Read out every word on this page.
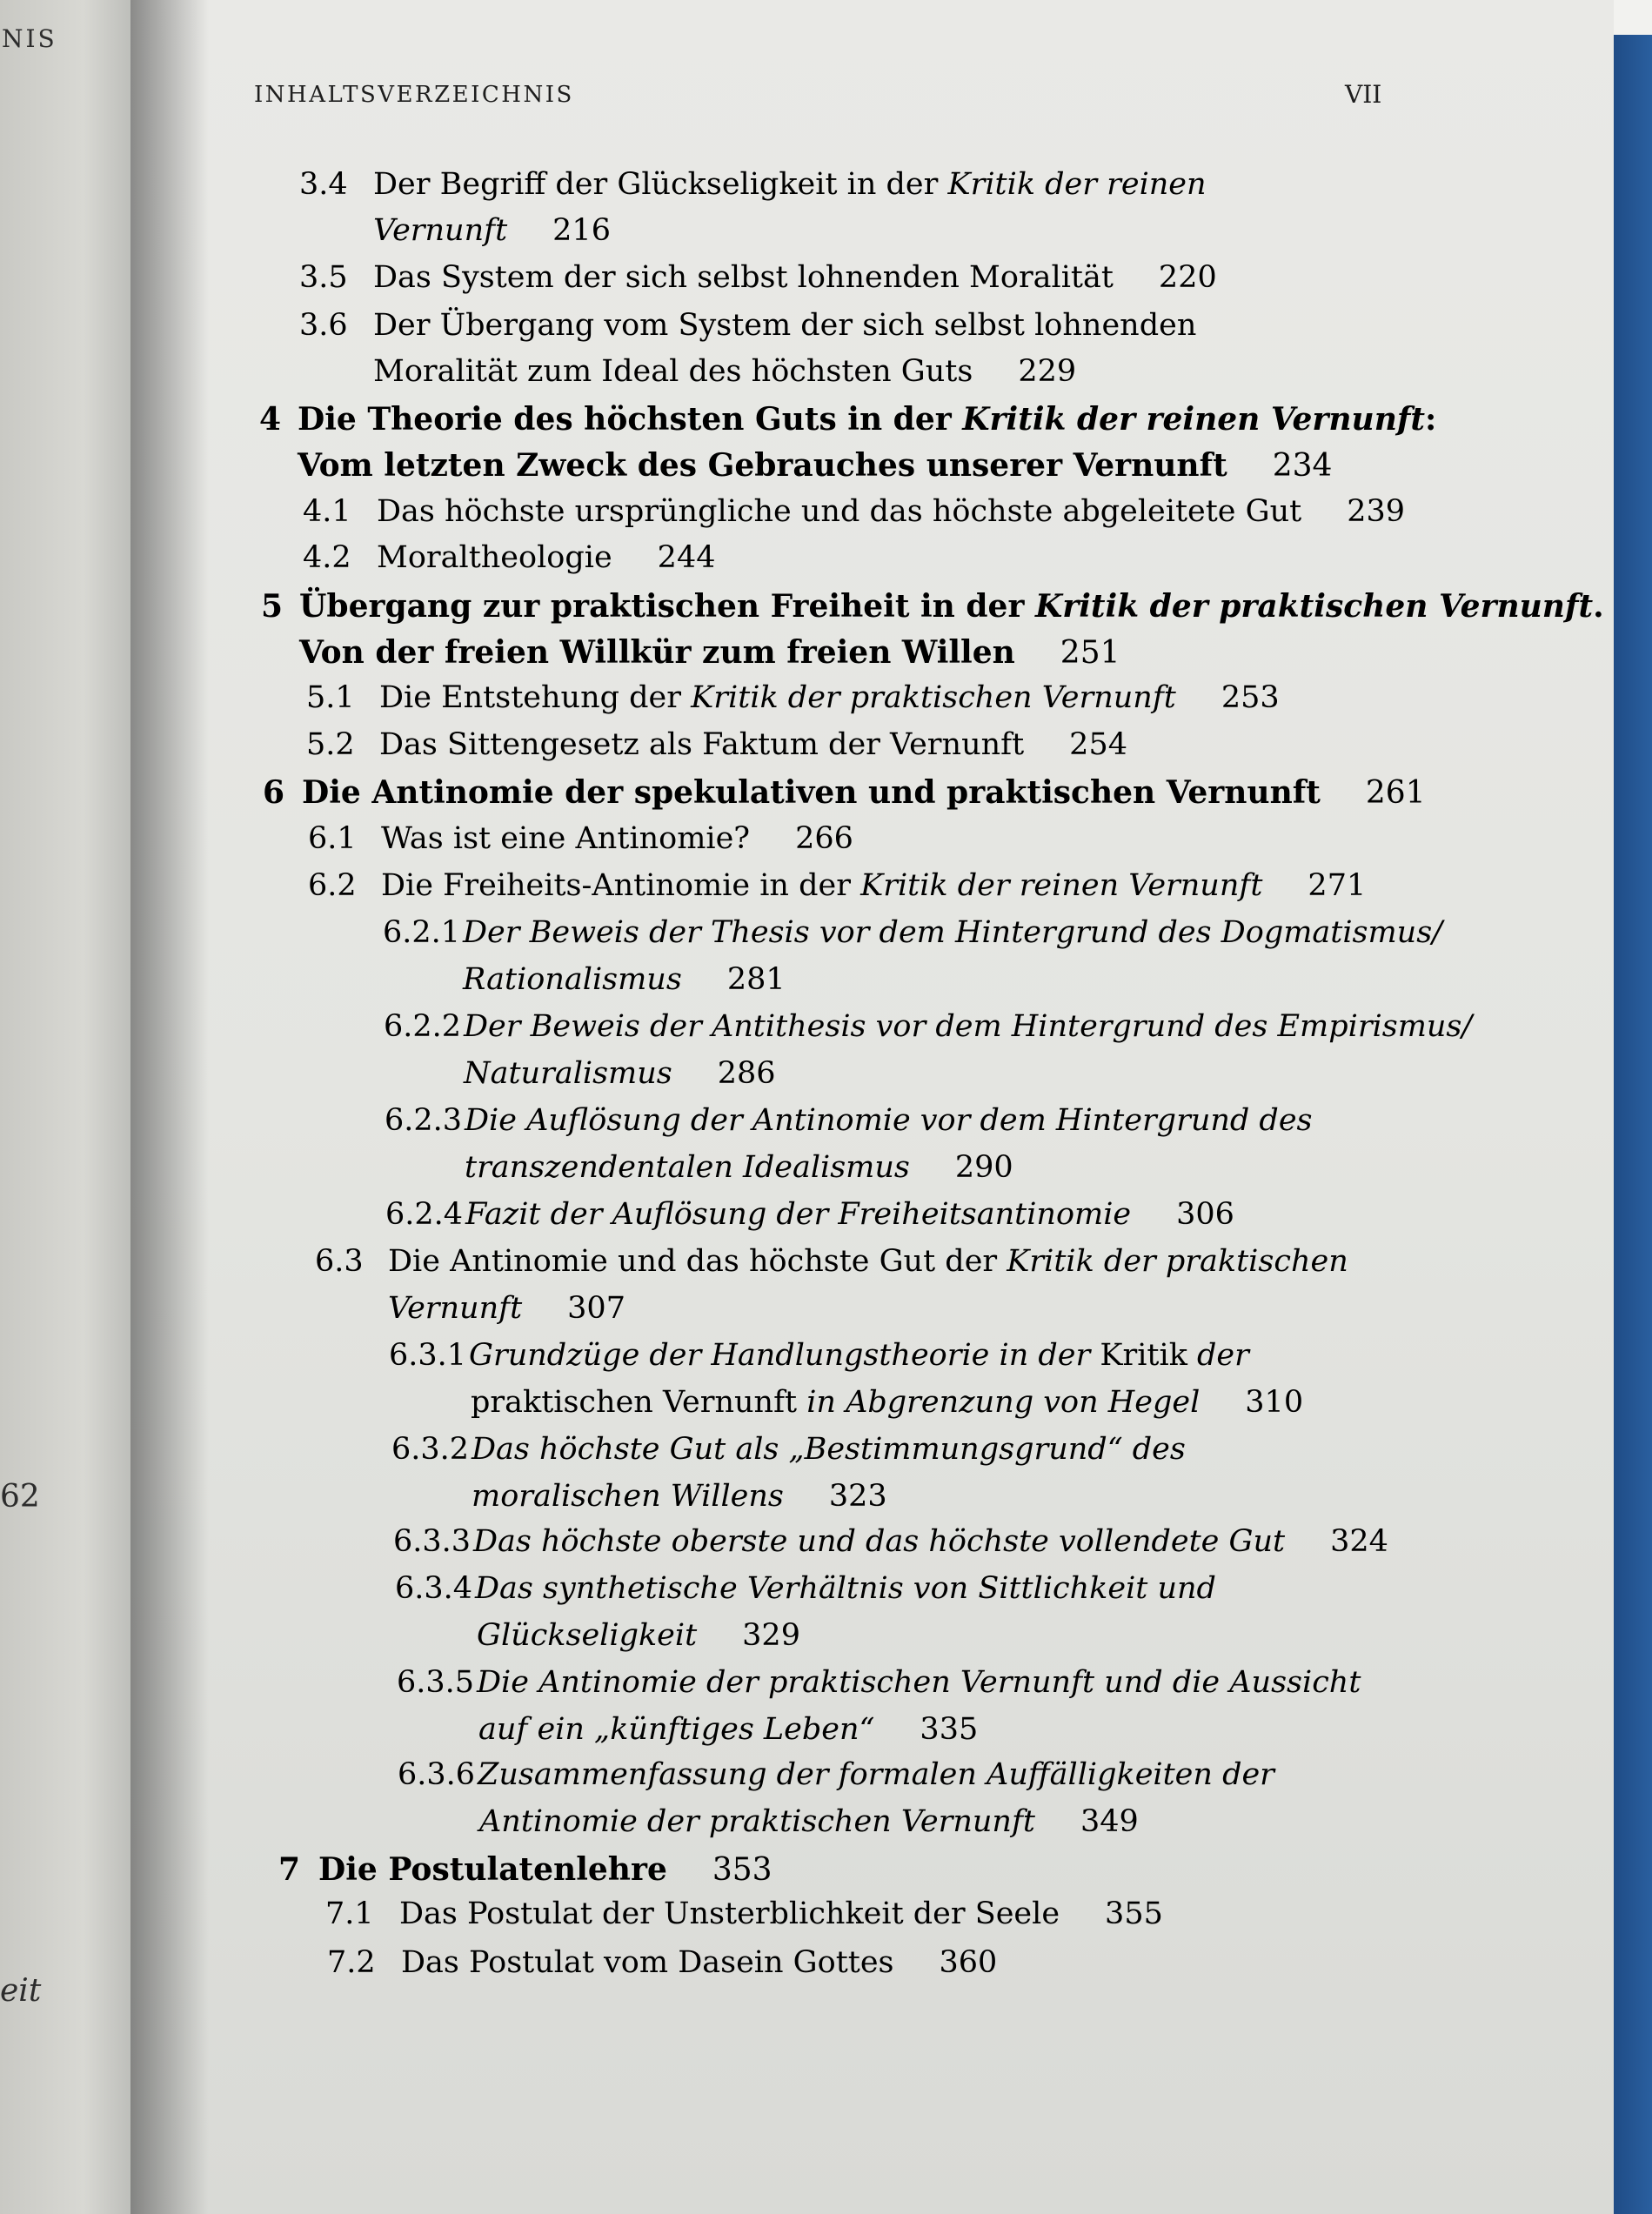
NIS
62
eit
INHALTSVERZEICHNIS	VII
3.4 Der Begriff der Glückseligkeit in der Kritik der reinen
Vernunft 216
3.5 Das System der sich selbst lohnenden Moralität 220
3.6 Der Übergang vom System der sich selbst lohnenden
Moralität zum Ideal des höchsten Guts 229
4 Die Theorie des höchsten Guts in der Kritik der reinen Vernunft:
Vom letzten Zweck des Gebrauches unserer Vernunft 234
4.1 Das höchste ursprüngliche und das höchste abgeleitete Gut 239
4.2 Moraltheologie 244
5 Übergang zur praktischen Freiheit in der Kritik der praktischen Vernunft.
Von der freien Willkür zum freien Willen 251
5.1 Die Entstehung der Kritik der praktischen Vernunft 253
5.2 Das Sittengesetz als Faktum der Vernunft 254
6 Die Antinomie der spekulativen und praktischen Vernunft 261
6.1 Was ist eine Antinomie? 266
6.2 Die Freiheits-Antinomie in der Kritik der reinen Vernunft 271
6.2.1 Der Beweis der Thesis vor dem Hintergrund des Dogmatismus/
Rationalismus 281
6.2.2 Der Beweis der Antithesis vor dem Hintergrund des Empirismus/
Naturalismus 286
6.2.3 Die Auflösung der Antinomie vor dem Hintergrund des
transzendentalen Idealismus 290
6.2.4 Fazit der Auflösung der Freiheitsantinomie 306
6.3 Die Antinomie und das höchste Gut der Kritik der praktischen
Vernunft 307
6.3.1 Grundzüge der Handlungstheorie in der Kritik der
praktischen Vernunft in Abgrenzung von Hegel 310
6.3.2 Das höchste Gut als „Bestimmungsgrund“ des
moralischen Willens 323
6.3.3 Das höchste oberste und das höchste vollendete Gut 324
6.3.4 Das synthetische Verhältnis von Sittlichkeit und
Glückseligkeit 329
6.3.5 Die Antinomie der praktischen Vernunft und die Aussicht
auf ein „künftiges Leben“ 335
6.3.6 Zusammenfassung der formalen Auffälligkeiten der
Antinomie der praktischen Vernunft 349
7 Die Postulatenlehre 353
7.1 Das Postulat der Unsterblichkeit der Seele 355
7.2 Das Postulat vom Dasein Gottes 360
